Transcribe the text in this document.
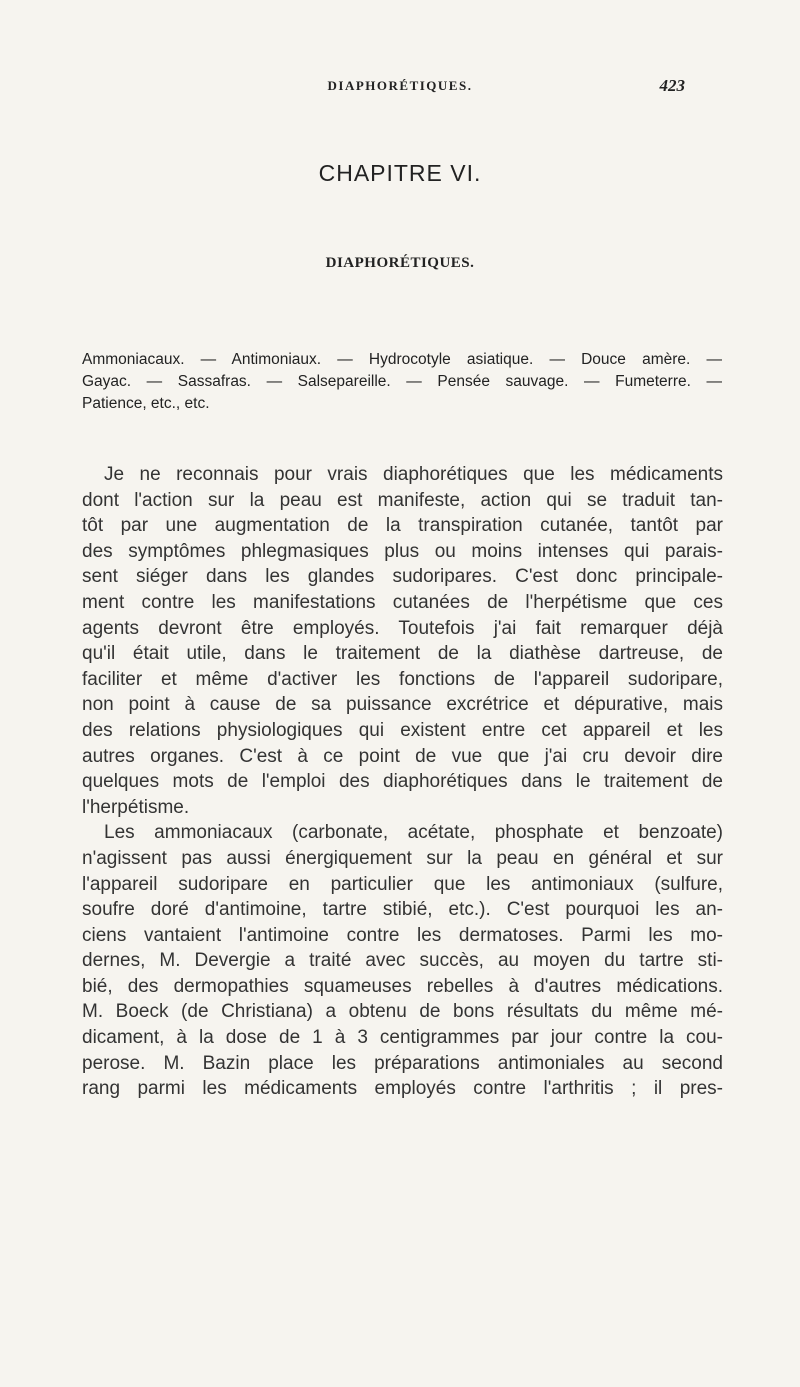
DIAPHORÉTIQUES.	423
CHAPITRE VI.
DIAPHORÉTIQUES.
Ammoniacaux. — Antimoniaux. — Hydrocotyle asiatique. — Douce amère. —
Gayac. — Sassafras. — Salsepareille. — Pensée sauvage. — Fumeterre. —
Patience, etc., etc.
Je ne reconnais pour vrais diaphorétiques que les médicaments
dont l'action sur la peau est manifeste, action qui se traduit tan-
tôt par une augmentation de la transpiration cutanée, tantôt par
des symptômes phlegmasiques plus ou moins intenses qui parais-
sent siéger dans les glandes sudoripares. C'est donc principale-
ment contre les manifestations cutanées de l'herpétisme que ces
agents devront être employés. Toutefois j'ai fait remarquer déjà
qu'il était utile, dans le traitement de la diathèse dartreuse, de
faciliter et même d'activer les fonctions de l'appareil sudoripare,
non point à cause de sa puissance excrétrice et dépurative, mais
des relations physiologiques qui existent entre cet appareil et les
autres organes. C'est à ce point de vue que j'ai cru devoir dire
quelques mots de l'emploi des diaphorétiques dans le traitement de
l'herpétisme.
Les ammoniacaux (carbonate, acétate, phosphate et benzoate)
n'agissent pas aussi énergiquement sur la peau en général et sur
l'appareil sudoripare en particulier que les antimoniaux (sulfure,
soufre doré d'antimoine, tartre stibié, etc.). C'est pourquoi les an-
ciens vantaient l'antimoine contre les dermatoses. Parmi les mo-
dernes, M. Devergie a traité avec succès, au moyen du tartre sti-
bié, des dermopathies squameuses rebelles à d'autres médications.
M. Boeck (de Christiana) a obtenu de bons résultats du même mé-
dicament, à la dose de 1 à 3 centigrammes par jour contre la cou-
perose. M. Bazin place les préparations antimoniales au second
rang parmi les médicaments employés contre l'arthritis ; il pres-
